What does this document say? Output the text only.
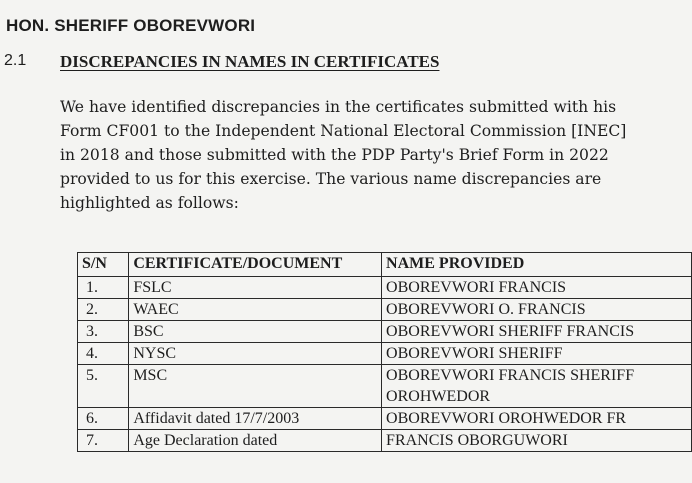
HON. SHERIFF OBOREVWORI
2.1 DISCREPANCIES IN NAMES IN CERTIFICATES
We have identified discrepancies in the certificates submitted with his
Form CF001 to the Independent National Electoral Commission [INEC]
in 2018 and those submitted with the PDP Party's Brief Form in 2022
provided to us for this exercise. The various name discrepancies are
highlighted as follows:
S/N	CERTIFICATE/DOCUMENT	NAME PROVIDED
1.	FSLC	OBOREVWORI FRANCIS
2.	WAEC	OBOREVWORI O. FRANCIS
3.	BSC	OBOREVWORI SHERIFF FRANCIS
4.	NYSC	OBOREVWORI SHERIFF
5.	MSC	OBOREVWORI FRANCIS SHERIFF
OROHWEDOR

6.	Affidavit dated 17/7/2003	OBOREVWORI OROHWEDOR FR
7.	Age Declaration dated	FRANCIS OBORGUWORI
